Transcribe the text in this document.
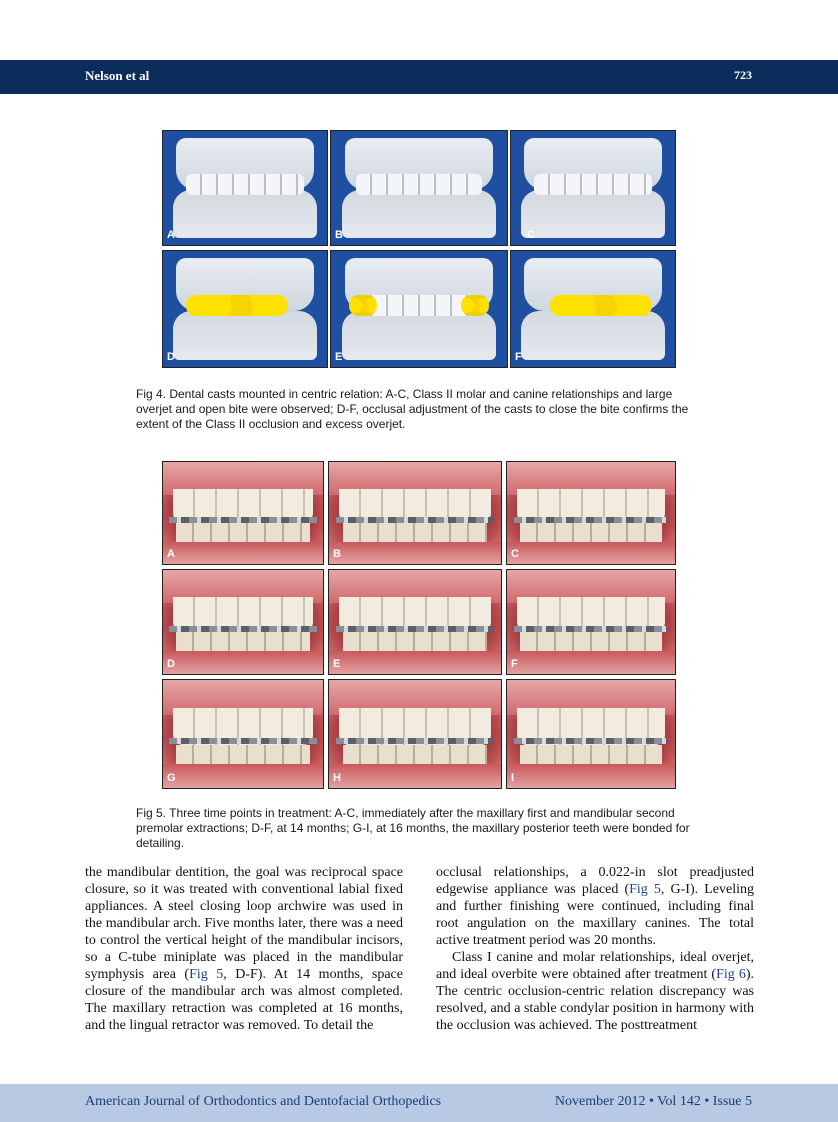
Nelson et al	723
A	B	C
D	E	F
Fig 4. Dental casts mounted in centric relation: A-C, Class II molar and canine relationships and large overjet and open bite were observed; D-F, occlusal adjustment of the casts to close the bite confirms the extent of the Class II occlusion and excess overjet.
A	B	C
D	E	F
G	H	I
Fig 5. Three time points in treatment: A-C, immediately after the maxillary first and mandibular second premolar extractions; D-F, at 14 months; G-I, at 16 months, the maxillary posterior teeth were bonded for detailing.

the mandibular dentition, the goal was reciprocal space closure, so it was treated with conventional labial fixed appliances. A steel closing loop archwire was used in the mandibular arch. Five months later, there was a need to control the vertical height of the mandibular incisors, so a C-tube miniplate was placed in the mandibular symphysis area (Fig 5, D-F). At 14 months, space closure of the mandibular arch was almost completed. The maxillary retraction was completed at 16 months, and the lingual retractor was removed. To detail the

occlusal relationships, a 0.022-in slot preadjusted edgewise appliance was placed (Fig 5, G-I). Leveling and further finishing were continued, including final root angulation on the maxillary canines. The total active treatment period was 20 months.

Class I canine and molar relationships, ideal overjet, and ideal overbite were obtained after treatment (Fig 6). The centric occlusion-centric relation discrepancy was resolved, and a stable condylar position in harmony with the occlusion was achieved. The posttreatment

American Journal of Orthodontics and Dentofacial Orthopedics	November 2012 • Vol 142 • Issue 5
